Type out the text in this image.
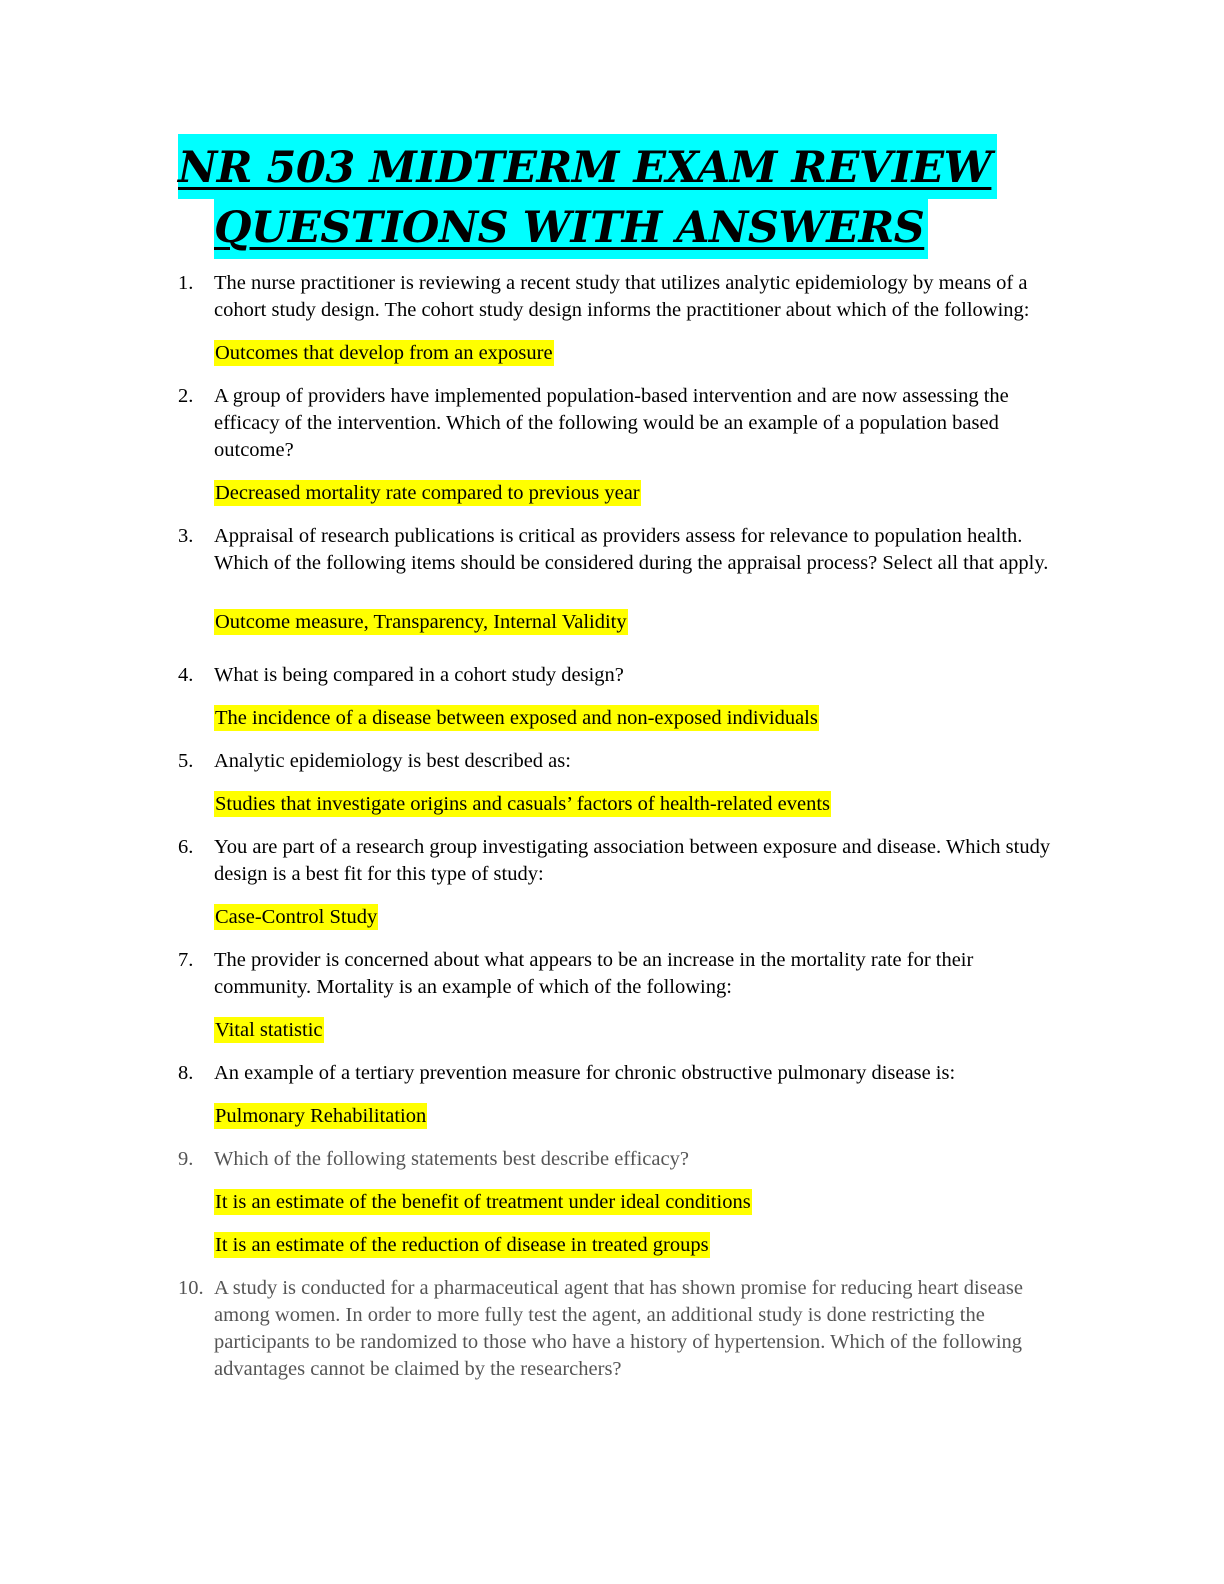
NR 503 MIDTERM EXAM REVIEW
QUESTIONS WITH ANSWERS
1.	The nurse practitioner is reviewing a recent study that utilizes analytic epidemiology by means of a cohort study design. The cohort study design informs the practitioner about which of the following:
Outcomes that develop from an exposure
2.	A group of providers have implemented population-based intervention and are now assessing the efficacy of the intervention. Which of the following would be an example of a population based outcome?
Decreased mortality rate compared to previous year
3.	Appraisal of research publications is critical as providers assess for relevance to population health. Which of the following items should be considered during the appraisal process? Select all that apply.
Outcome measure, Transparency, Internal Validity
4.	What is being compared in a cohort study design?
The incidence of a disease between exposed and non-exposed individuals
5.	Analytic epidemiology is best described as:
Studies that investigate origins and casuals’ factors of health-related events
6.	You are part of a research group investigating association between exposure and disease. Which study design is a best fit for this type of study:
Case-Control Study
7.	The provider is concerned about what appears to be an increase in the mortality rate for their community. Mortality is an example of which of the following:
Vital statistic
8.	An example of a tertiary prevention measure for chronic obstructive pulmonary disease is:
Pulmonary Rehabilitation
9.	Which of the following statements best describe efficacy?
It is an estimate of the benefit of treatment under ideal conditions
It is an estimate of the reduction of disease in treated groups
10. A study is conducted for a pharmaceutical agent that has shown promise for reducing heart disease among women. In order to more fully test the agent, an additional study is done restricting the participants to be randomized to those who have a history of hypertension. Which of the following advantages cannot be claimed by the researchers?
